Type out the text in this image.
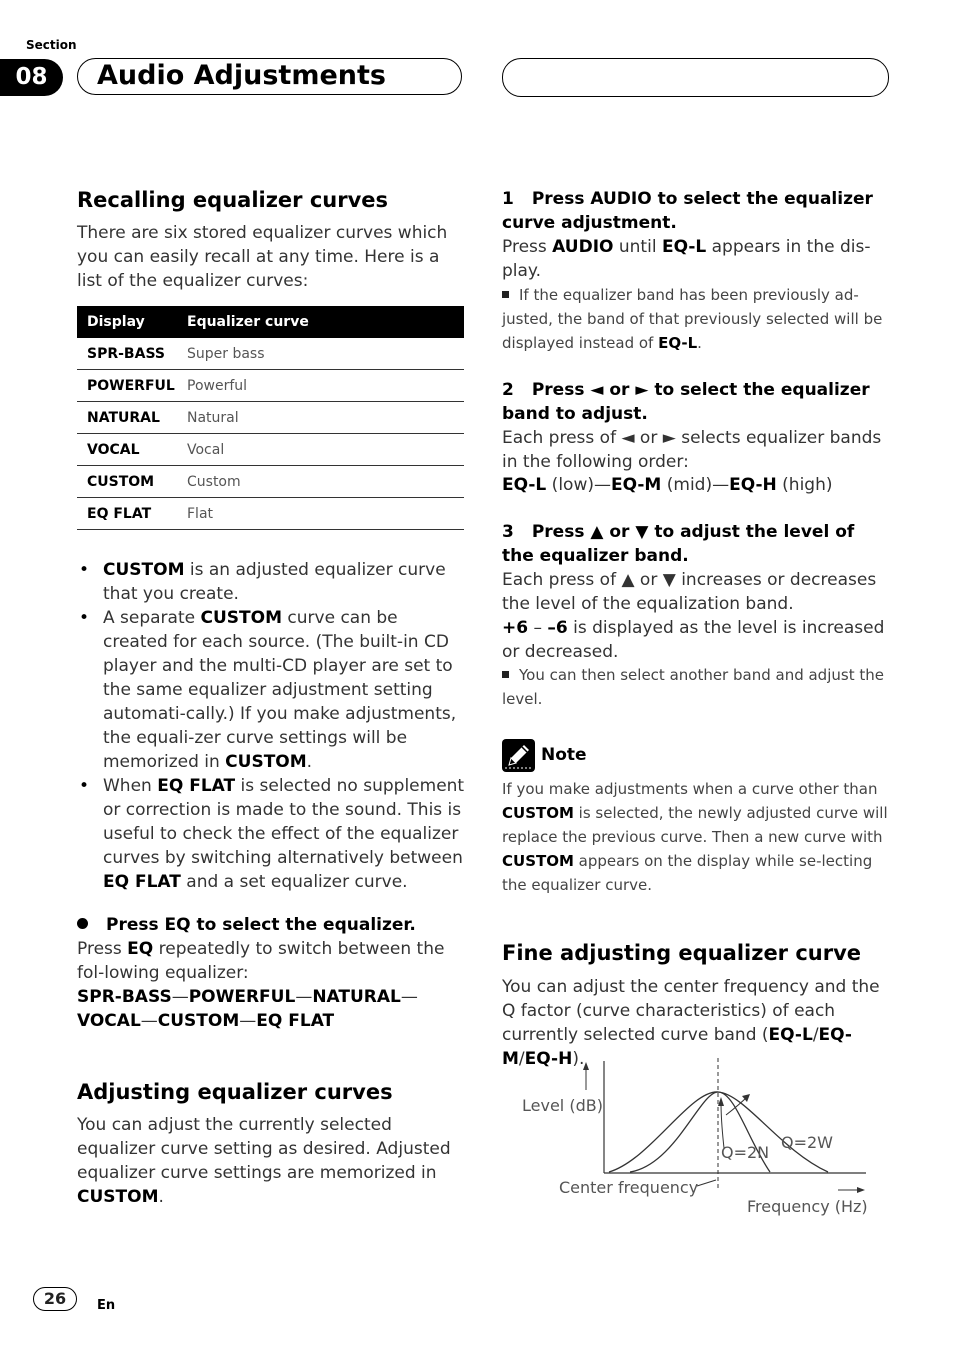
Section
08	Audio Adjustments
Recalling equalizer curves
There are six stored equalizer curves which you can easily recall at any time. Here is a list of the equalizer curves:
Display	Equalizer curve
SPR-BASS	Super bass
POWERFUL	Powerful
NATURAL	Natural
VOCAL	Vocal
CUSTOM	Custom
EQ FLAT	Flat
• CUSTOM is an adjusted equalizer curve that you create.
• A separate CUSTOM curve can be created for each source. (The built-in CD player and the multi-CD player are set to the same equalizer adjustment setting automati-cally.) If you make adjustments, the equali-zer curve settings will be memorized in CUSTOM.
• When EQ FLAT is selected no supplement or correction is made to the sound. This is useful to check the effect of the equalizer curves by switching alternatively between EQ FLAT and a set equalizer curve.
Press EQ to select the equalizer.
Press EQ repeatedly to switch between the fol-lowing equalizer:
SPR-BASS—POWERFUL—NATURAL—
VOCAL—CUSTOM—EQ FLAT
Adjusting equalizer curves
You can adjust the currently selected equalizer curve setting as desired. Adjusted equalizer curve settings are memorized in CUSTOM.
1 Press AUDIO to select the equalizer curve adjustment.
Press AUDIO until EQ-L appears in the dis-play.
If the equalizer band has been previously ad-justed, the band of that previously selected will be displayed instead of EQ-L.
2 Press ◄ or ► to select the equalizer band to adjust.
Each press of ◄ or ► selects equalizer bands in the following order:
EQ-L (low)—EQ-M (mid)—EQ-H (high)
3 Press ▲ or ▼ to adjust the level of the equalizer band.
Each press of ▲ or ▼ increases or decreases the level of the equalization band.
+6 – –6 is displayed as the level is increased or decreased.
You can then select another band and adjust the level.
Note
If you make adjustments when a curve other than CUSTOM is selected, the newly adjusted curve will replace the previous curve. Then a new curve with CUSTOM appears on the display while se-lecting the equalizer curve.
Fine adjusting equalizer curve
You can adjust the center frequency and the Q factor (curve characteristics) of each currently selected curve band (EQ-L/EQ-M/EQ-H).
Level (dB)
Q=2N
Q=2W
Center frequency
Frequency (Hz)
26	En
